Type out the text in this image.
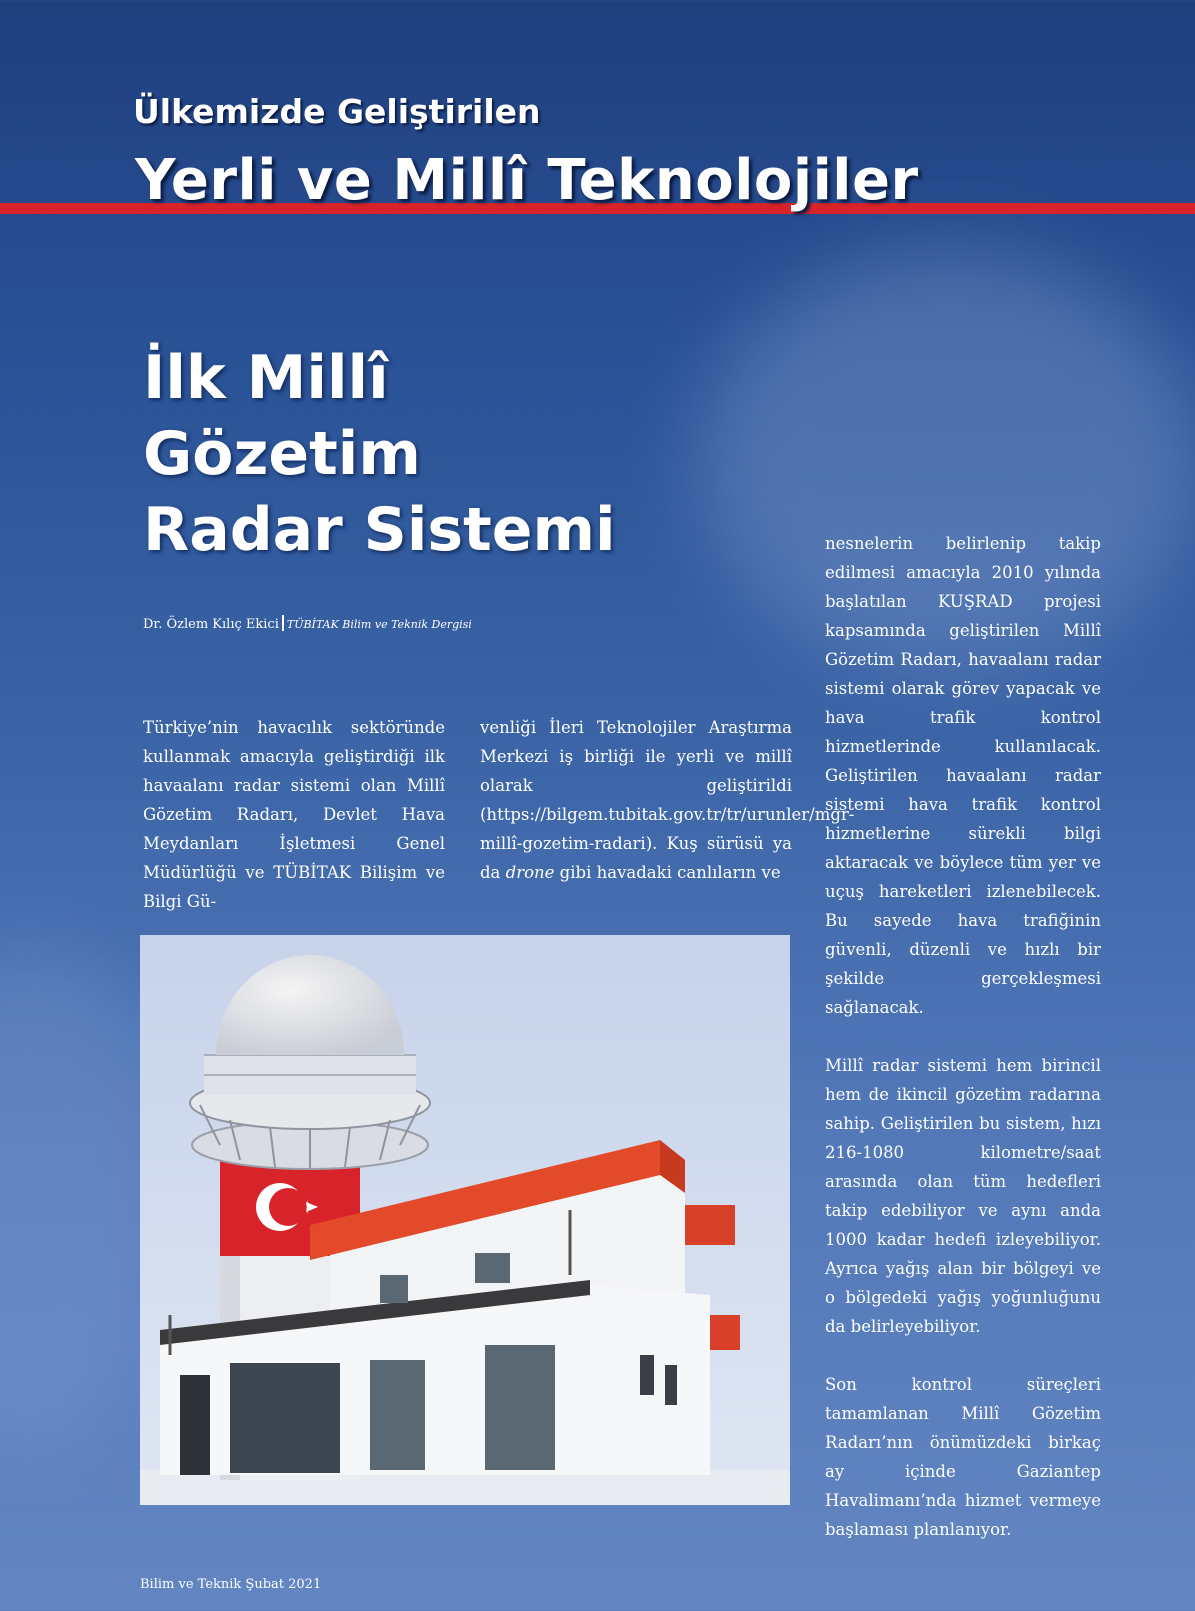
Ülkemizde Geliştirilen
Yerli ve Millî Teknolojiler
İlk Millî
Gözetim
Radar Sistemi
Dr. Özlem Kılıç Ekici TÜBİTAK Bilim ve Teknik Dergisi

Türkiye’nin havacılık sektöründe kullanmak amacıyla geliştirdiği ilk havaalanı radar sistemi olan Millî Gözetim Radarı, Devlet Hava Meydanları İşletmesi Genel Müdürlüğü ve TÜBİTAK Bilişim ve Bilgi Gü-

venliği İleri Teknolojiler Araştırma Merkezi iş birliği ile yerli ve millî olarak geliştirildi (https://bilgem.tubitak.gov.tr/tr/urunler/mgr-millî-gozetim-radari). Kuş sürüsü ya da drone gibi havadaki canlıların ve

nesnelerin belirlenip takip edilmesi amacıyla 2010 yılında başlatılan KUŞRAD projesi kapsamında geliştirilen Millî Gözetim Radarı, havaalanı radar sistemi olarak görev yapacak ve hava trafik kontrol hizmetlerinde kullanılacak. Geliştirilen havaalanı radar sistemi hava trafik kontrol hizmetlerine sürekli bilgi aktaracak ve böylece tüm yer ve uçuş hareketleri izlenebilecek. Bu sayede hava trafiğinin güvenli, düzenli ve hızlı bir şekilde gerçekleşmesi sağlanacak.

Millî radar sistemi hem birincil hem de ikincil gözetim radarına sahip. Geliştirilen bu sistem, hızı 216-1080 kilometre/saat arasında olan tüm hedefleri takip edebiliyor ve aynı anda 1000 kadar hedefi izleyebiliyor. Ayrıca yağış alan bir bölgeyi ve o bölgedeki yağış yoğunluğunu da belirleyebiliyor.

Son kontrol süreçleri tamamlanan Millî Gözetim Radarı’nın önümüzdeki birkaç ay içinde Gaziantep Havalimanı’nda hizmet vermeye başlaması planlanıyor.

Bilim ve Teknik Şubat 2021
